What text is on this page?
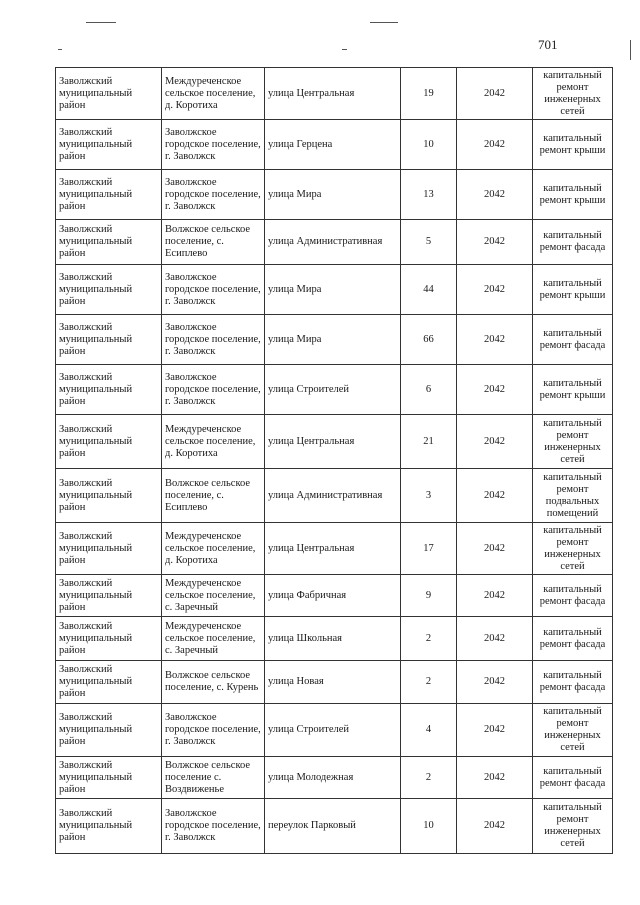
701
Заволжский муниципальный район	Междуреченское сельское поселение, д. Коротиха	улица Центральная	19	2042	капитальный ремонт инженерных сетей
Заволжский муниципальный район	Заволжское городское поселение, г. Заволжск	улица Герцена	10	2042	капитальный ремонт крыши
Заволжский муниципальный район	Заволжское городское поселение, г. Заволжск	улица Мира	13	2042	капитальный ремонт крыши
Заволжский муниципальный район	Волжское сельское поселение, с. Есиплево	улица Административная	5	2042	капитальный ремонт фасада
Заволжский муниципальный район	Заволжское городское поселение, г. Заволжск	улица Мира	44	2042	капитальный ремонт крыши
Заволжский муниципальный район	Заволжское городское поселение, г. Заволжск	улица Мира	66	2042	капитальный ремонт фасада
Заволжский муниципальный район	Заволжское городское поселение, г. Заволжск	улица Строителей	6	2042	капитальный ремонт крыши
Заволжский муниципальный район	Междуреченское сельское поселение, д. Коротиха	улица Центральная	21	2042	капитальный ремонт инженерных сетей
Заволжский муниципальный район	Волжское сельское поселение, с. Есиплево	улица Административная	3	2042	капитальный ремонт подвальных помещений
Заволжский муниципальный район	Междуреченское сельское поселение, д. Коротиха	улица Центральная	17	2042	капитальный ремонт инженерных сетей
Заволжский муниципальный район	Междуреченское сельское поселение, с. Заречный	улица Фабричная	9	2042	капитальный ремонт фасада
Заволжский муниципальный район	Междуреченское сельское поселение, с. Заречный	улица Школьная	2	2042	капитальный ремонт фасада
Заволжский муниципальный район	Волжское сельское поселение, с. Курень	улица Новая	2	2042	капитальный ремонт фасада
Заволжский муниципальный район	Заволжское городское поселение, г. Заволжск	улица Строителей	4	2042	капитальный ремонт инженерных сетей
Заволжский муниципальный район	Волжское сельское поселение с. Воздвиженье	улица Молодежная	2	2042	капитальный ремонт фасада
Заволжский муниципальный район	Заволжское городское поселение, г. Заволжск	переулок Парковый	10	2042	капитальный ремонт инженерных сетей
